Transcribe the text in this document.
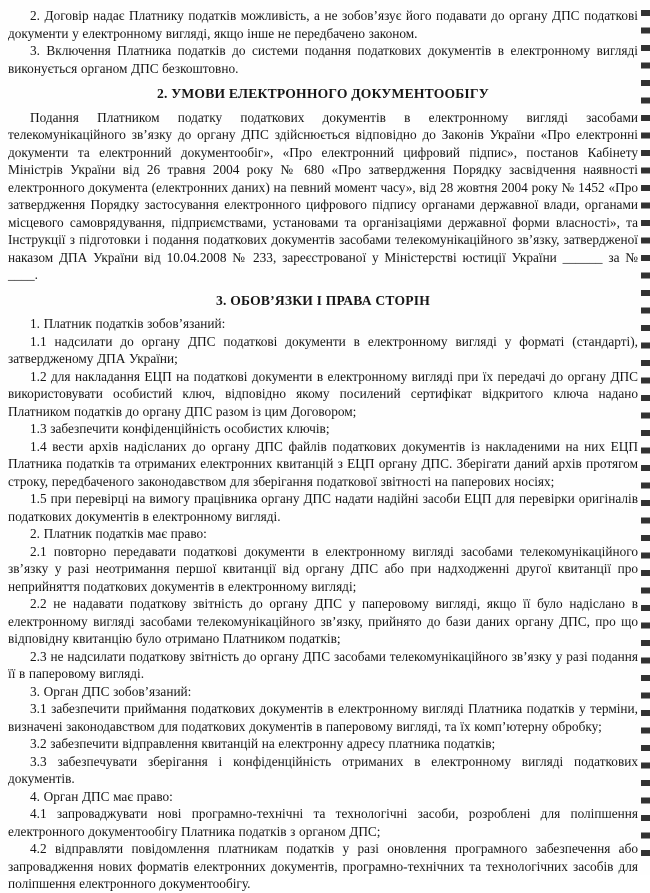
2. Договір надає Платнику податків можливість, а не зобов’язує його подавати до органу ДПС податкові документи у електронному вигляді, якщо інше не передбачено законом.

3. Включення Платника податків до системи подання податкових документів в електронному вигляді виконується органом ДПС безкоштовно.

2. УМОВИ ЕЛЕКТРОННОГО ДОКУМЕНТООБІГУ

Подання Платником податку податкових документів в електронному вигляді засобами телекомунікаційного зв’язку до органу ДПС здійснюється відповідно до Законів України «Про електронні документи та електронний документообіг», «Про електронний цифровий підпис», постанов Кабінету Міністрів України від 26 травня 2004 року № 680 «Про затвердження Порядку засвідчення наявності електронного документа (електронних даних) на певний момент часу», від 28 жовтня 2004 року № 1452 «Про затвердження Порядку застосування електронного цифрового підпису органами державної влади, органами місцевого самоврядування, підприємствами, установами та організаціями державної форми власності», та Інструкції з підготовки і подання податкових документів засобами телекомунікаційного зв’язку, затвердженої наказом ДПА України від 10.04.2008 № 233, зареєстрованої у Міністерстві юстиції України ______ за № ____.

3. ОБОВ’ЯЗКИ І ПРАВА СТОРІН

1. Платник податків зобов’язаний:

1.1 надсилати до органу ДПС податкові документи в електронному вигляді у форматі (стандарті), затвердженому ДПА України;

1.2 для накладання ЕЦП на податкові документи в електронному вигляді при їх передачі до органу ДПС використовувати особистий ключ, відповідно якому посилений сертифікат відкритого ключа надано Платником податків до органу ДПС разом із цим Договором;

1.3 забезпечити конфіденційність особистих ключів;

1.4 вести архів надісланих до органу ДПС файлів податкових документів із накладеними на них ЕЦП Платника податків та отриманих електронних квитанцій з ЕЦП органу ДПС. Зберігати даний архів протягом строку, передбаченого законодавством для зберігання податкової звітності на паперових носіях;

1.5 при перевірці на вимогу працівника органу ДПС надати надійні засоби ЕЦП для перевірки оригіналів податкових документів в електронному вигляді.

2. Платник податків має право:

2.1 повторно передавати податкові документи в електронному вигляді засобами телекомунікаційного зв’язку у разі неотримання першої квитанції від органу ДПС або при надходженні другої квитанції про неприйняття податкових документів в електронному вигляді;

2.2 не надавати податкову звітність до органу ДПС у паперовому вигляді, якщо її було надіслано в електронному вигляді засобами телекомунікаційного зв’язку, прийнято до бази даних органу ДПС, про що відповідну квитанцію було отримано Платником податків;

2.3 не надсилати податкову звітність до органу ДПС засобами телекомунікаційного зв’язку у разі подання її в паперовому вигляді.

3. Орган ДПС зобов’язаний:

3.1 забезпечити приймання податкових документів в електронному вигляді Платника податків у терміни, визначені законодавством для податкових документів в паперовому вигляді, та їх комп’ютерну обробку;

3.2 забезпечити відправлення квитанцій на електронну адресу платника податків;

3.3 забезпечувати зберігання і конфіденційність отриманих в електронному вигляді податкових документів.

4. Орган ДПС має право:

4.1 запроваджувати нові програмно-технічні та технологічні засоби, розроблені для поліпшення електронного документообігу Платника податків з органом ДПС;

4.2 відправляти повідомлення платникам податків у разі оновлення програмного забезпечення або запровадження нових форматів електронних документів, програмно-технічних та технологічних засобів для поліпшення електронного документообігу.
